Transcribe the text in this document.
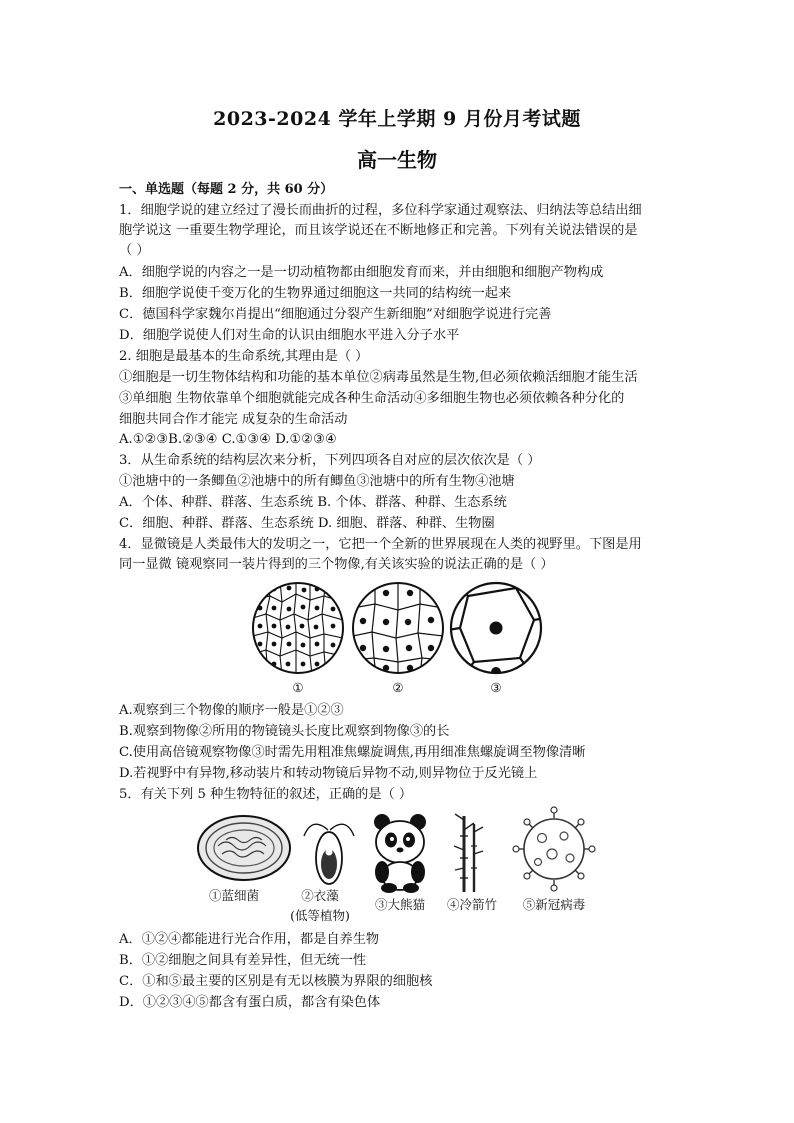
2023-2024 学年上学期 9 月份月考试题
高一生物
一、单选题（每题 2 分，共 60 分）
1．细胞学说的建立经过了漫长而曲折的过程，多位科学家通过观察法、归纳法等总结出细
胞学说这 一重要生物学理论，而且该学说还在不断地修正和完善。下列有关说法错误的是
（ ）
A．细胞学说的内容之一是一切动植物都由细胞发育而来，并由细胞和细胞产物构成
B．细胞学说使千变万化的生物界通过细胞这一共同的结构统一起来
C．德国科学家魏尔肖提出“细胞通过分裂产生新细胞”对细胞学说进行完善
D．细胞学说使人们对生命的认识由细胞水平进入分子水平
2. 细胞是最基本的生命系统,其理由是（ ）
①细胞是一切生物体结构和功能的基本单位②病毒虽然是生物,但必须依赖活细胞才能生活
③单细胞 生物依靠单个细胞就能完成各种生命活动④多细胞生物也必须依赖各种分化的
细胞共同合作才能完 成复杂的生命活动
A.①②③B.②③④ C.①③④ D.①②③④
3．从生命系统的结构层次来分析，下列四项各自对应的层次依次是（ ）
①池塘中的一条鲫鱼②池塘中的所有鲫鱼③池塘中的所有生物④池塘
A．个体、种群、群落、生态系统 B. 个体、群落、种群、生态系统
C．细胞、种群、群落、生态系统 D. 细胞、群落、种群、生物圈
4．显微镜是人类最伟大的发明之一，它把一个全新的世界展现在人类的视野里。下图是用
同一显微 镜观察同一装片得到的三个物像,有关该实验的说法正确的是（ ）
①	②	③
A.观察到三个物像的顺序一般是①②③
B.观察到物像②所用的物镜镜头长度比观察到物像③的长
C.使用高倍镜观察物像③时需先用粗准焦螺旋调焦,再用细准焦螺旋调至物像清晰
D.若视野中有异物,移动装片和转动物镜后异物不动,则异物位于反光镜上
5．有关下列 5 种生物特征的叙述，正确的是（ ）
①蓝细菌	②衣藻
(低等植物)
③大熊猫 ④冷箭竹 ⑤新冠病毒
A．①②④都能进行光合作用，都是自养生物
B．①②细胞之间具有差异性，但无统一性
C．①和⑤最主要的区别是有无以核膜为界限的细胞核
D．①②③④⑤都含有蛋白质，都含有染色体
